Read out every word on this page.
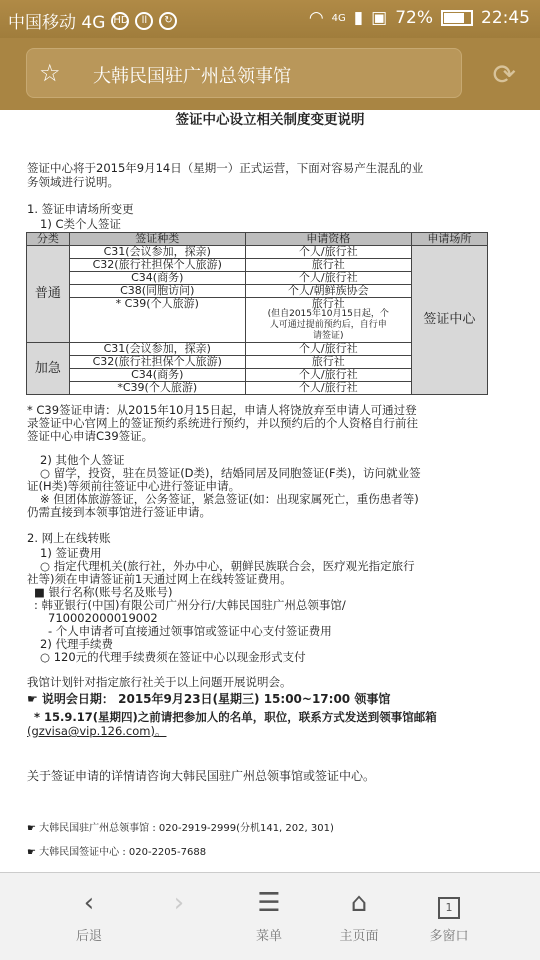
中国移动 4G HD	ll	↻	◠ 4G ▮ ▣ 72%	22:45
☆ 大韩民国驻广州总领事馆	⟳
签证中心设立相关制度变更说明
签证中心将于2015年9月14日（星期一）正式运营，下面对容易产生混乱的业
务领域进行说明。
1. 签证申请场所变更
1) C类个人签证
分类	签证种类	申请资格	申请场所
普通	C31(会议参加，探亲)	个人/旅行社	签证中心
	C32(旅行社担保个人旅游)	旅行社	
	C34(商务)	个人/旅行社	
	C38(同胞访问)	个人/朝鲜族协会	
	* C39(个人旅游)	旅行社
(但自2015年10月15日起，个
人可通过提前预约后，自行申
请签证)	

加急	C31(会议参加，探亲)	个人/旅行社	
	C32(旅行社担保个人旅游)	旅行社	
	C34(商务)	个人/旅行社	
	*C39(个人旅游)	个人/旅行社	
* C39签证申请：从2015年10月15日起，申请人将饶放弃至申请人可通过登
录签证中心官网上的签证预约系统进行预约，并以预约后的个人资格自行前往
签证中心申请C39签证。
2) 其他个人签证
○ 留学，投资，驻在员签证(D类)，结婚同居及同胞签证(F类)，访问就业签
证(H类)等须前往签证中心进行签证申请。
※ 但团体旅游签证，公务签证，紧急签证(如：出现家属死亡，重伤患者等)
仍需直接到本领事馆进行签证申请。
2. 网上在线转账
1) 签证费用
○ 指定代理机关(旅行社，外办中心，朝鲜民族联合会，医疗观光指定旅行
社等)须在申请签证前1天通过网上在线转签证费用。
■ 银行名称(账号名及账号)
: 韩亚银行(中国)有限公司广州分行/大韩民国驻广州总领事馆/
710002000019002
- 个人申请者可直接通过领事馆或签证中心支付签证费用
2) 代理手续费
○ 120元的代理手续费须在签证中心以现金形式支付
我馆计划针对指定旅行社关于以上问题开展说明会。
☛ 说明会日期： 2015年9月23日(星期三) 15:00~17:00 领事馆
* 15.9.17(星期四)之前请把参加人的名单，职位，联系方式发送到领事馆邮箱
(gzvisa@vip.126.com)。
关于签证申请的详情请咨询大韩民国驻广州总领事馆或签证中心。
☛ 大韩民国驻广州总领事馆 : 020-2919-2999(分机141, 202, 301)
☛ 大韩民国签证中心 : 020-2205-7688
‹
后退
›	☰
菜单
⌂
主页面
1
多窗口
